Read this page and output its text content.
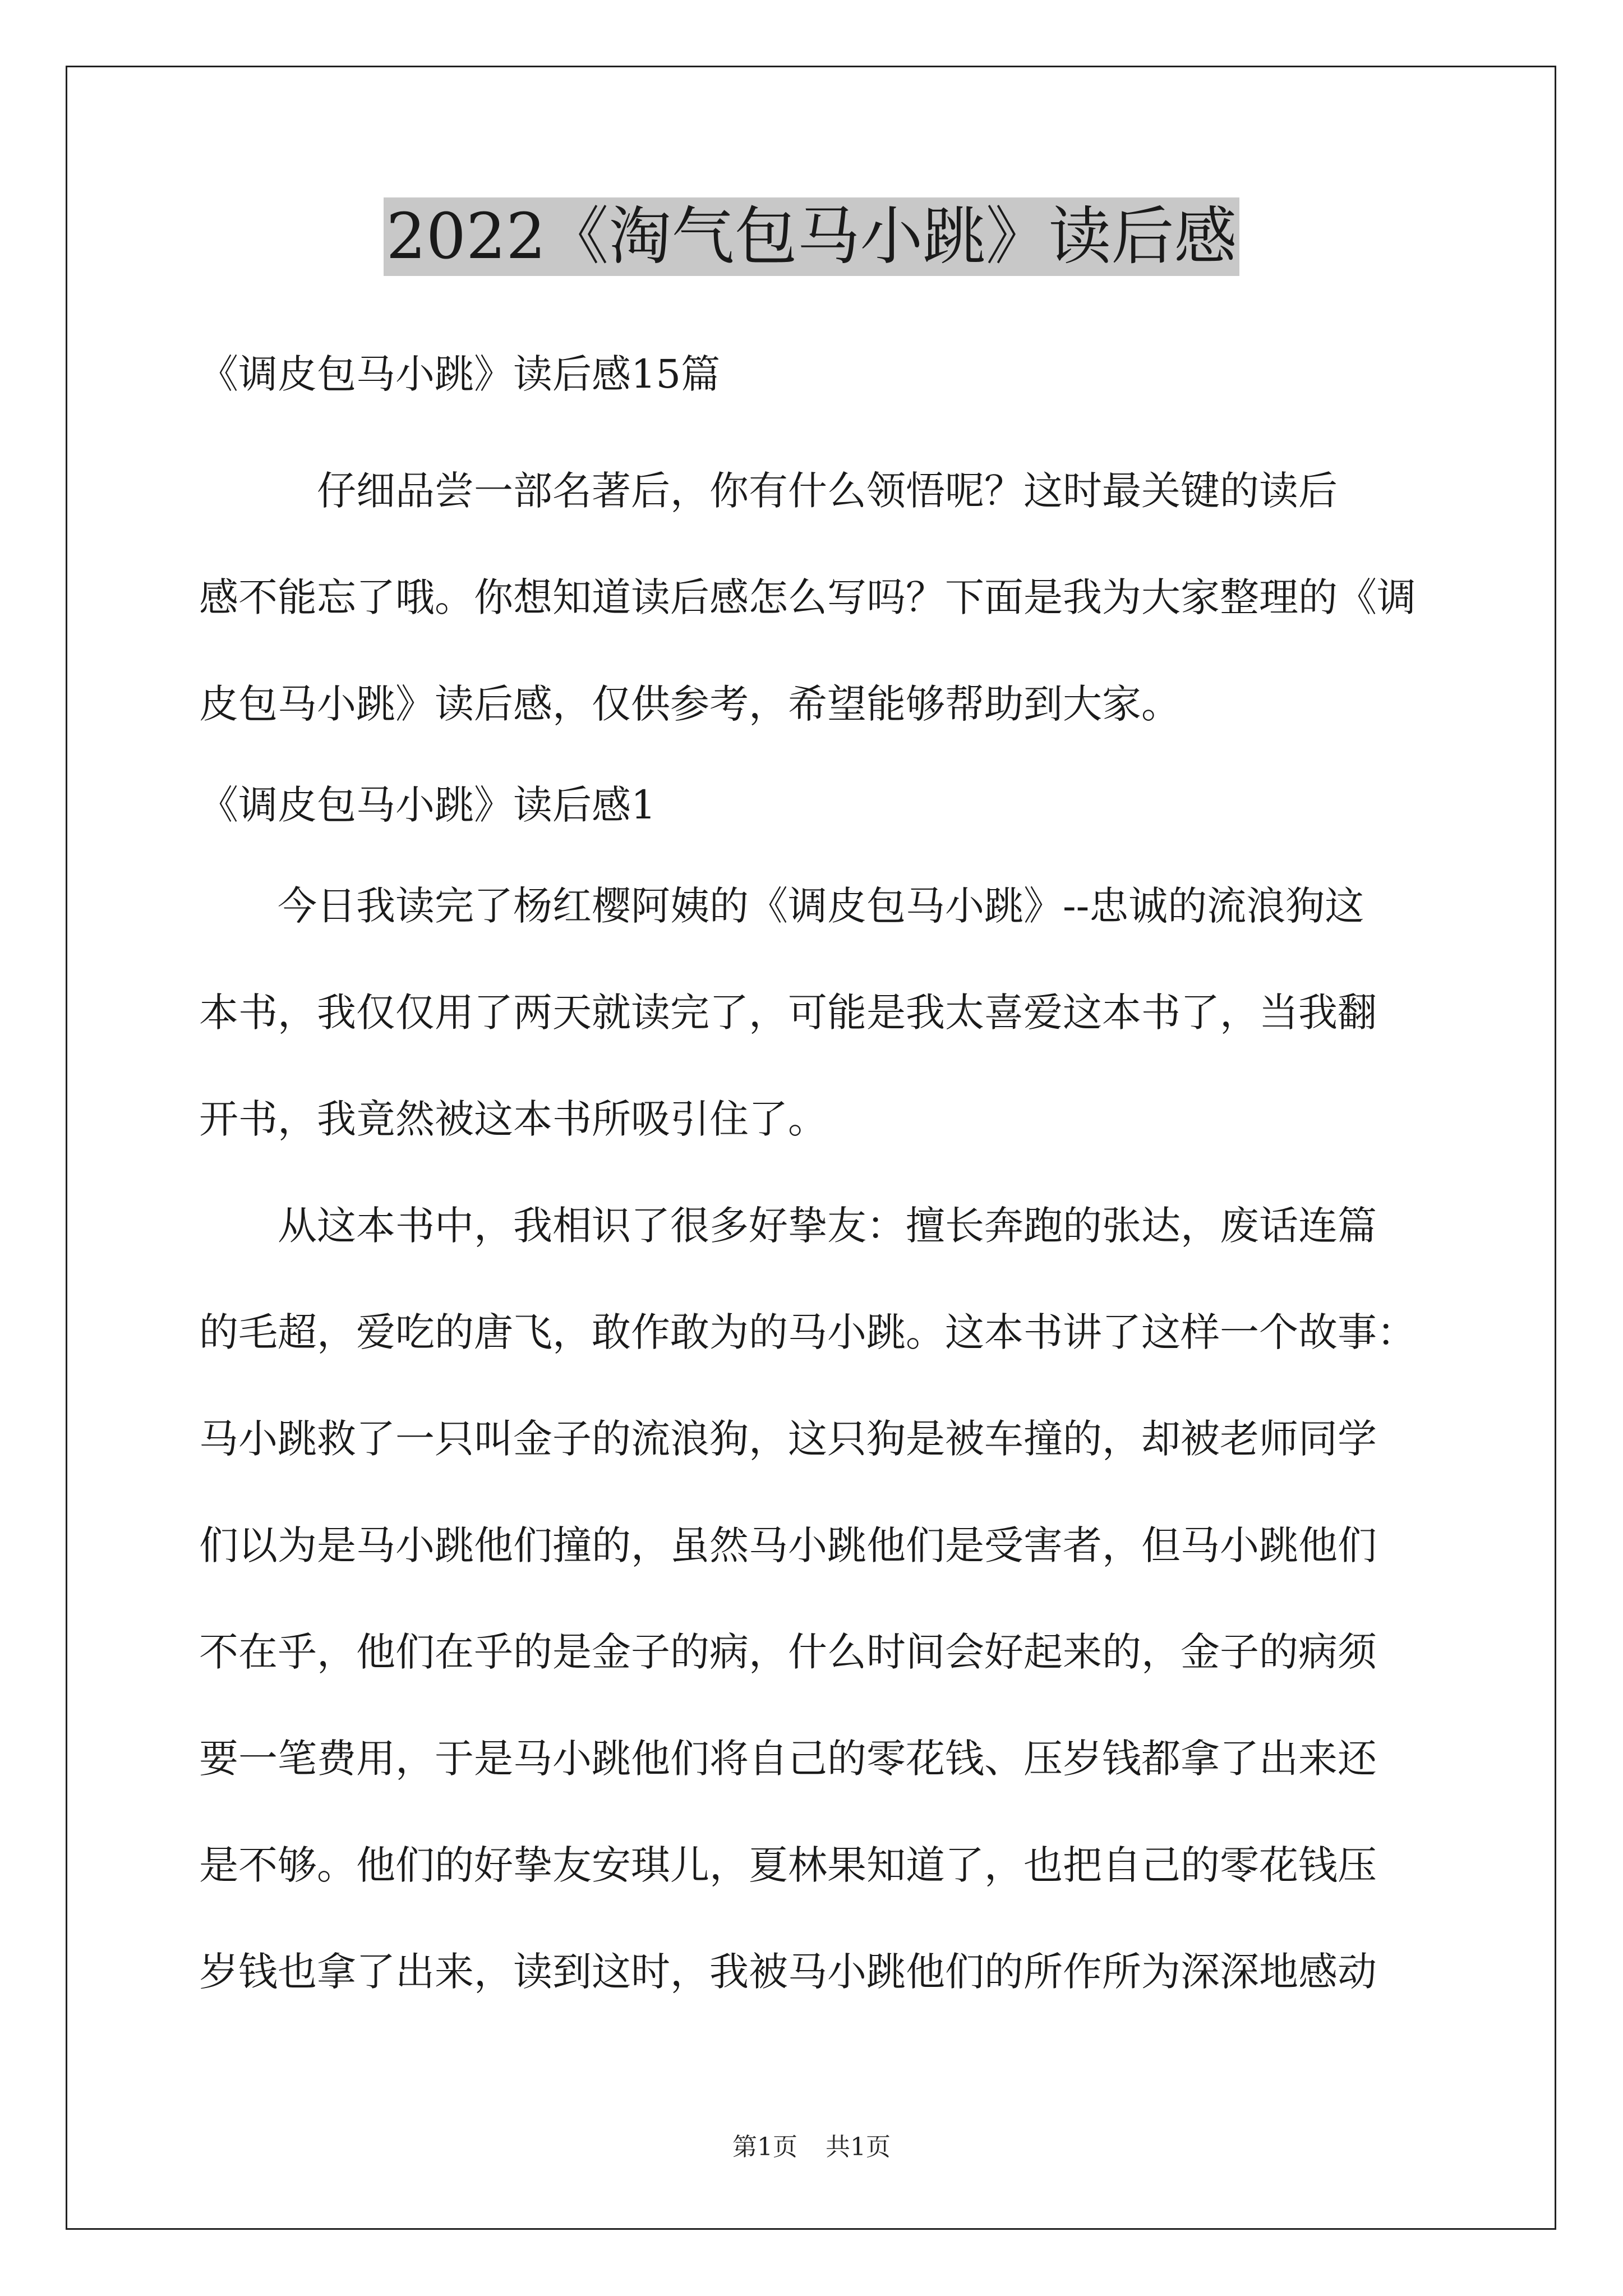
2022《淘气包马小跳》读后感
《调皮包马小跳》读后感15篇
　　　仔细品尝一部名著后，你有什么领悟呢？这时最关键的读后
感不能忘了哦。你想知道读后感怎么写吗？下面是我为大家整理的《调
皮包马小跳》读后感，仅供参考，希望能够帮助到大家。
《调皮包马小跳》读后感1
　　今日我读完了杨红樱阿姨的《调皮包马小跳》--忠诚的流浪狗这
本书，我仅仅用了两天就读完了，可能是我太喜爱这本书了，当我翻
开书，我竟然被这本书所吸引住了。
　　从这本书中，我相识了很多好挚友：擅长奔跑的张达，废话连篇
的毛超，爱吃的唐飞，敢作敢为的马小跳。这本书讲了这样一个故事：
马小跳救了一只叫金子的流浪狗，这只狗是被车撞的，却被老师同学
们以为是马小跳他们撞的，虽然马小跳他们是受害者，但马小跳他们
不在乎，他们在乎的是金子的病，什么时间会好起来的，金子的病须
要一笔费用，于是马小跳他们将自己的零花钱、压岁钱都拿了出来还
是不够。他们的好挚友安琪儿，夏林果知道了，也把自己的零花钱压
岁钱也拿了出来，读到这时，我被马小跳他们的所作所为深深地感动
第1页 共1页
